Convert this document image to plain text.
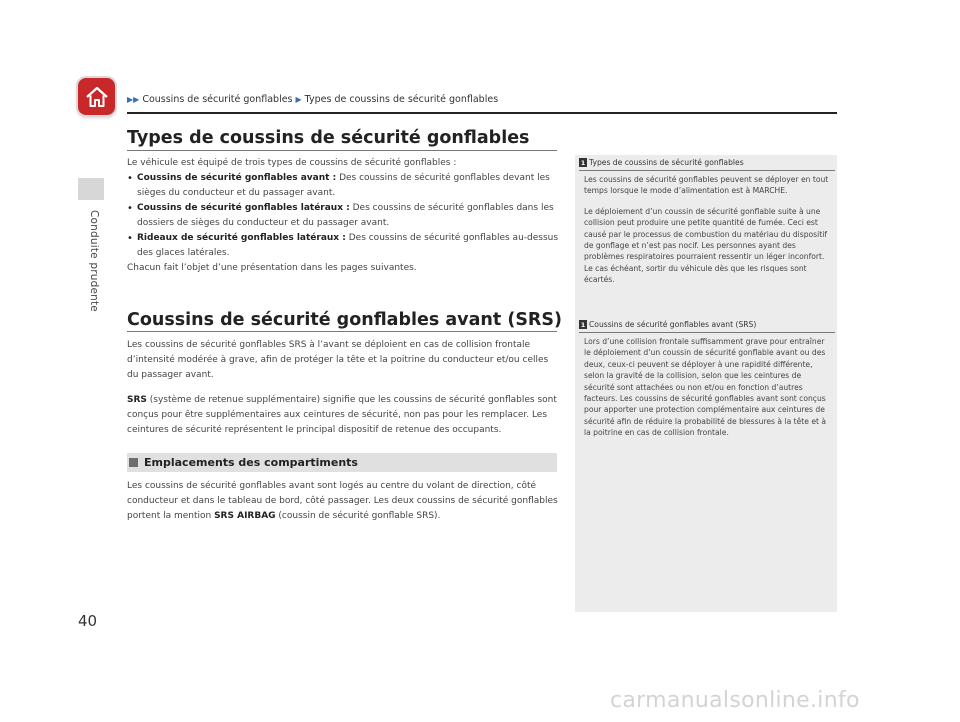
Conduite prudente
▶▶ Coussins de sécurité gonflables ▶ Types de coussins de sécurité gonflables
Types de coussins de sécurité gonflables
Le véhicule est équipé de trois types de coussins de sécurité gonflables :
• Coussins de sécurité gonflables avant : Des coussins de sécurité gonflables devant les sièges du conducteur et du passager avant.
• Coussins de sécurité gonflables latéraux : Des coussins de sécurité gonflables dans les dossiers de sièges du conducteur et du passager avant.
• Rideaux de sécurité gonflables latéraux : Des coussins de sécurité gonflables au-dessus des glaces latérales.
Chacun fait l’objet d’une présentation dans les pages suivantes.
Coussins de sécurité gonflables avant (SRS)
Les coussins de sécurité gonflables SRS à l’avant se déploient en cas de collision frontale d’intensité modérée à grave, afin de protéger la tête et la poitrine du conducteur et/ou celles du passager avant.
SRS (système de retenue supplémentaire) signifie que les coussins de sécurité gonflables sont conçus pour être supplémentaires aux ceintures de sécurité, non pas pour les remplacer. Les ceintures de sécurité représentent le principal dispositif de retenue des occupants.
Emplacements des compartiments
Les coussins de sécurité gonflables avant sont logés au centre du volant de direction, côté conducteur et dans le tableau de bord, côté passager. Les deux coussins de sécurité gonflables portent la mention SRS AIRBAG (coussin de sécurité gonflable SRS).
1 Types de coussins de sécurité gonflables
Les coussins de sécurité gonflables peuvent se déployer en tout temps lorsque le mode d’alimentation est à MARCHE.
Le déploiement d’un coussin de sécurité gonflable suite à une collision peut produire une petite quantité de fumée. Ceci est causé par le processus de combustion du matériau du dispositif de gonflage et n’est pas nocif. Les personnes ayant des problèmes respiratoires pourraient ressentir un léger inconfort. Le cas échéant, sortir du véhicule dès que les risques sont écartés.
1 Coussins de sécurité gonflables avant (SRS)
Lors d’une collision frontale suffisamment grave pour entraîner le déploiement d’un coussin de sécurité gonflable avant ou des deux, ceux-ci peuvent se déployer à une rapidité différente, selon la gravité de la collision, selon que les ceintures de sécurité sont attachées ou non et/ou en fonction d’autres facteurs. Les coussins de sécurité gonflables avant sont conçus pour apporter une protection complémentaire aux ceintures de sécurité afin de réduire la probabilité de blessures à la tête et à la poitrine en cas de collision frontale.
40
carmanualsonline.info
